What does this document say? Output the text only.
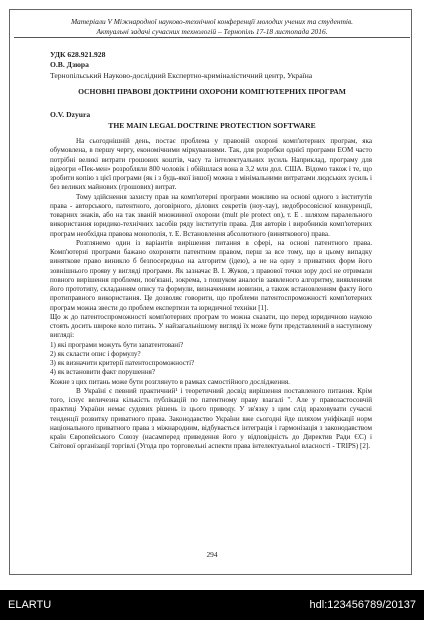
Матеріали V Міжнародної науково-технічної конференції молодих учених та студентів.
Актуальні задачі сучасних технологій – Тернопіль 17-18 листопада 2016.
УДК 628.921.928
О.В. Дзюра
Тернопільський Науково-дослідний Експертно-криміналістичний центр, Україна
ОСНОВНІ ПРАВОВІ ДОКТРИНИ ОХОРОНИ КОМП'ЮТЕРНИХ ПРОГРАМ
O.V. Dzyura
THE MAIN LEGAL DOCTRINE PROTECTION SOFTWARE

На сьогоднішній день, постає проблема у правовій охороні комп'ютерних програм, яка обумовлена, в першу чергу, економічними міркуваннями. Так, для розробки однієї програми ЕОМ часто потрібні великі витрати грошових коштів, часу та інтелектуальних зусиль Наприклад, програму для відеогри «Пек-мен» розробляли 800 чоловік і обійшлася вона в 3,2 млн дол. США. Відомо також і те, що зробити копію з цієї програми (як і з будь-якої іншої) можна з мінімальними витратами людських зусиль і без великих майнових (грошових) витрат.

Тому здійснення захисту прав на комп'ютерні програми можливо на основі одного з інститутів права - авторського, патентного, договірного, ділових секретів (ноу-хау), недобросовісної конкуренції, товарних знаків, або на так званій множинної охорони (mult ple protect on), т. Е . шляхом паралельного використання юридико-технічних засобів ряду інститутів права. Для авторів і виробників комп'ютерних програм необхідна правова монополія, т. Е. Встановлення абсолютного (виняткового) права.

Розглянемо один із варіантів вирішення питання в сфері, на основі патентного права. Комп'ютерні програми бажано охороняти патентним правом, перш за все тому, що в цьому випадку виняткове право виникло б безпосередньо на алгоритм (ідею), а не на одну з приватних форм його зовнішнього прояву у вигляді програми. Як зазначає В. І. Жуков, з правової точки зору досі не отримали повного вирішення проблеми, пов'язані, зокрема, з пошуком аналогів заявленого алгоритму, виявленням його прототипу, складанням опису та формули, визначенням новизни, а також встановленням факту його протиправного використання. Це дозволяє говорити, що проблеми патентоспроможності комп'ютерних програм можна звести до проблем експертизи та юридичної техніки [1].

Що ж до патентоспроможності комп'ютерних програм то можна сказати, що перед юридичною наукою стоять досить широке коло питань. У найзагальнішому вигляді їх може бути представлений в наступному вигляді:

1) які програми можуть бути запатентовані?

2) як скласти опис і формулу?

3) як визначити критерії патентоспроможності?

4) як встановити факт порушення?

Кожне з цих питань може бути розглянуто в рамках самостійного дослідження.

В Україні є певний практичний¹ і теоретичний досвід вирішення поставленого питання. Крім того, існує величезна кількість публікацій по патентному праву взагалі ". Але у правозастосовчій практиці України немає судових рішень із цього приводу. У зв'язку з цим слід враховувати сучасні тенденції розвитку приватного права. Законодавство України вже сьогодні йде шляхом уніфікації норм національного приватного права з міжнародним, відбувається інтеграція і гармонізація з законодавством країн Європейського Союзу (насамперед приведення його у відповідність до Директив Ради ЄС) і Світової організації торгівлі (Угода про торговельні аспекти права інтелектуальної власності - TRIPS) [2].

294
ELARTU	hdl:123456789/20137
